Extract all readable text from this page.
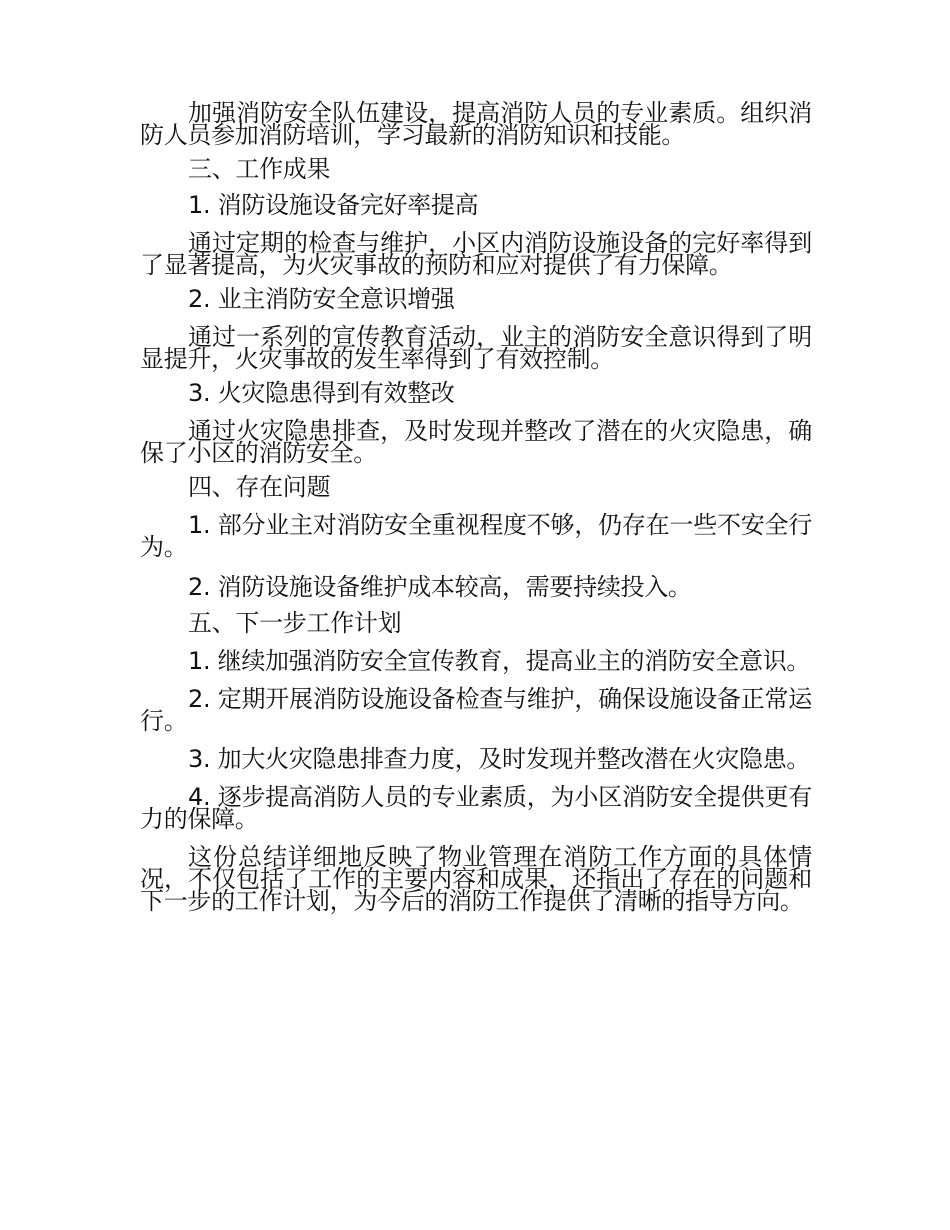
加强消防安全队伍建设，提高消防人员的专业素质。组织消防人员参加消防培训，学习最新的消防知识和技能。

三、工作成果

1. 消防设施设备完好率提高

通过定期的检查与维护，小区内消防设施设备的完好率得到了显著提高，为火灾事故的预防和应对提供了有力保障。

2. 业主消防安全意识增强

通过一系列的宣传教育活动，业主的消防安全意识得到了明显提升，火灾事故的发生率得到了有效控制。

3. 火灾隐患得到有效整改

通过火灾隐患排查，及时发现并整改了潜在的火灾隐患，确保了小区的消防安全。

四、存在问题

1. 部分业主对消防安全重视程度不够，仍存在一些不安全行为。

2. 消防设施设备维护成本较高，需要持续投入。

五、下一步工作计划

1. 继续加强消防安全宣传教育，提高业主的消防安全意识。

2. 定期开展消防设施设备检查与维护，确保设施设备正常运行。

3. 加大火灾隐患排查力度，及时发现并整改潜在火灾隐患。

4. 逐步提高消防人员的专业素质，为小区消防安全提供更有力的保障。

这份总结详细地反映了物业管理在消防工作方面的具体情况，不仅包括了工作的主要内容和成果，还指出了存在的问题和下一步的工作计划，为今后的消防工作提供了清晰的指导方向。
